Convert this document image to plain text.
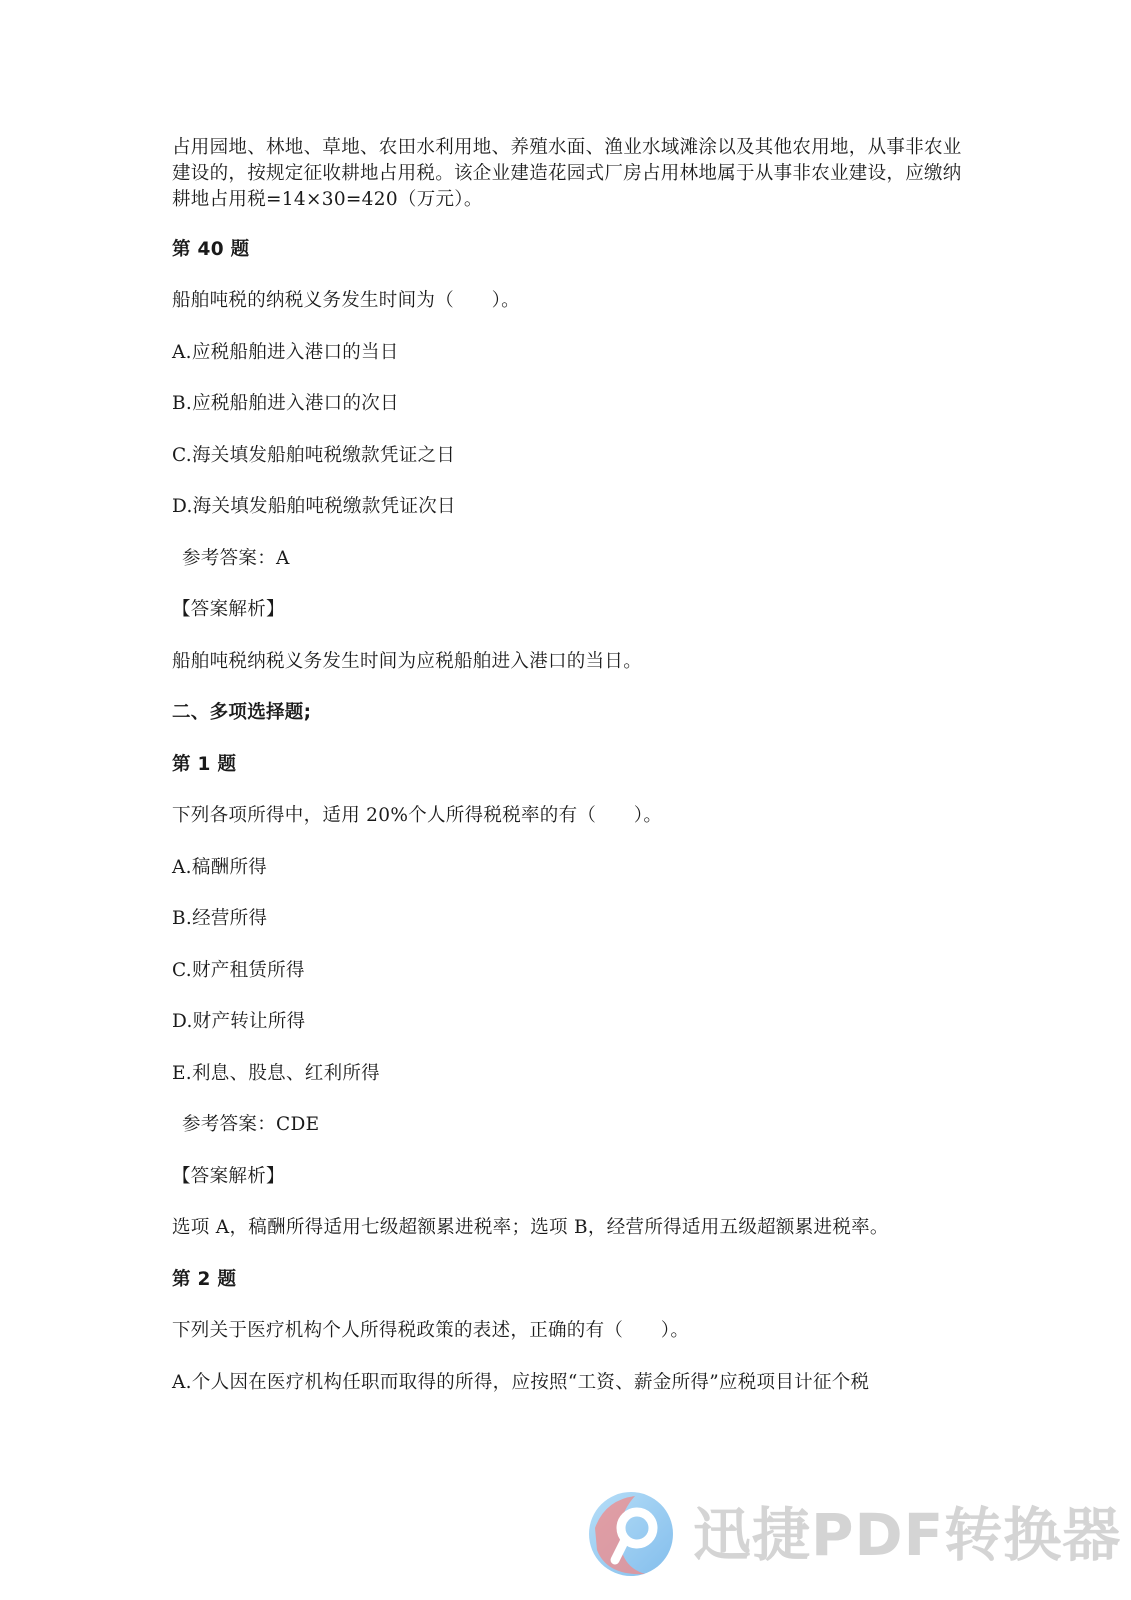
占用园地、林地、草地、农田水利用地、养殖水面、渔业水域滩涂以及其他农用地，从事非农业建设的，按规定征收耕地占用税。该企业建造花园式厂房占用林地属于从事非农业建设，应缴纳耕地占用税=14×30=420（万元）。

第 40 题
船舶吨税的纳税义务发生时间为（　　）。
A.应税船舶进入港口的当日
B.应税船舶进入港口的次日
C.海关填发船舶吨税缴款凭证之日
D.海关填发船舶吨税缴款凭证次日
参考答案：A
【答案解析】
船舶吨税纳税义务发生时间为应税船舶进入港口的当日。
二、多项选择题;
第 1 题
下列各项所得中，适用 20%个人所得税税率的有（　　）。
A.稿酬所得
B.经营所得
C.财产租赁所得
D.财产转让所得
E.利息、股息、红利所得
参考答案：CDE
【答案解析】
选项 A，稿酬所得适用七级超额累进税率；选项 B，经营所得适用五级超额累进税率。
第 2 题
下列关于医疗机构个人所得税政策的表述，正确的有（　　）。
A.个人因在医疗机构任职而取得的所得，应按照“工资、薪金所得”应税项目计征个税
迅捷PDF转换器
